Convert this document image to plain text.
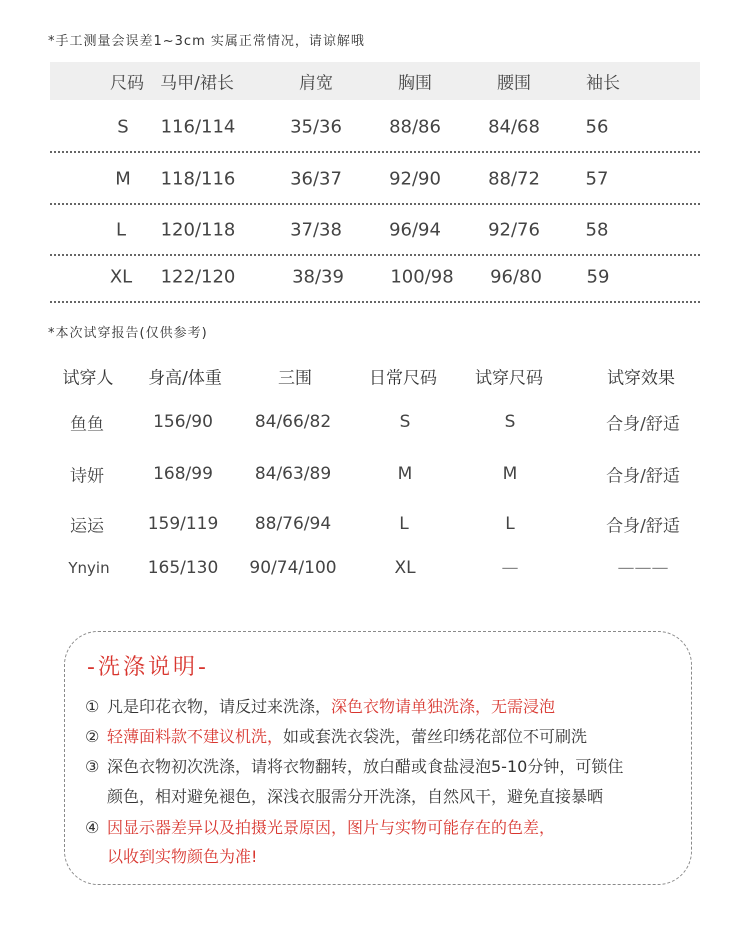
*手工测量会误差1~3cm 实属正常情况，请谅解哦
尺码 马甲/裙长	肩宽	胸围	腰围	袖长
S 116/114	35/36	88/86	84/68	56
M 118/116	36/37	92/90	88/72	57
L 120/118	37/38	96/94	92/76	58
XL 122/120	38/39	100/98 96/80 59
*本次试穿报告(仅供参考)
试穿人 身高/体重	三围	日常尺码 试穿尺码	试穿效果
鱼鱼	156/90 84/66/82	S	S	合身/舒适
诗妍	168/99 84/63/89	M	M	合身/舒适
运运	159/119 88/76/94	L	L	合身/舒适
Ynyin 165/130 90/74/100	XL	—	———
-洗涤说明-
① 凡是印花衣物，请反过来洗涤，深色衣物请单独洗涤，无需浸泡
② 轻薄面料款不建议机洗，如或套洗衣袋洗，蕾丝印绣花部位不可刷洗
③ 深色衣物初次洗涤，请将衣物翻转，放白醋或食盐浸泡5-10分钟，可锁住
颜色，相对避免褪色，深浅衣服需分开洗涤，自然风干，避免直接暴晒
④ 因显示器差异以及拍摄光景原因，图片与实物可能存在的色差，
以收到实物颜色为准!
